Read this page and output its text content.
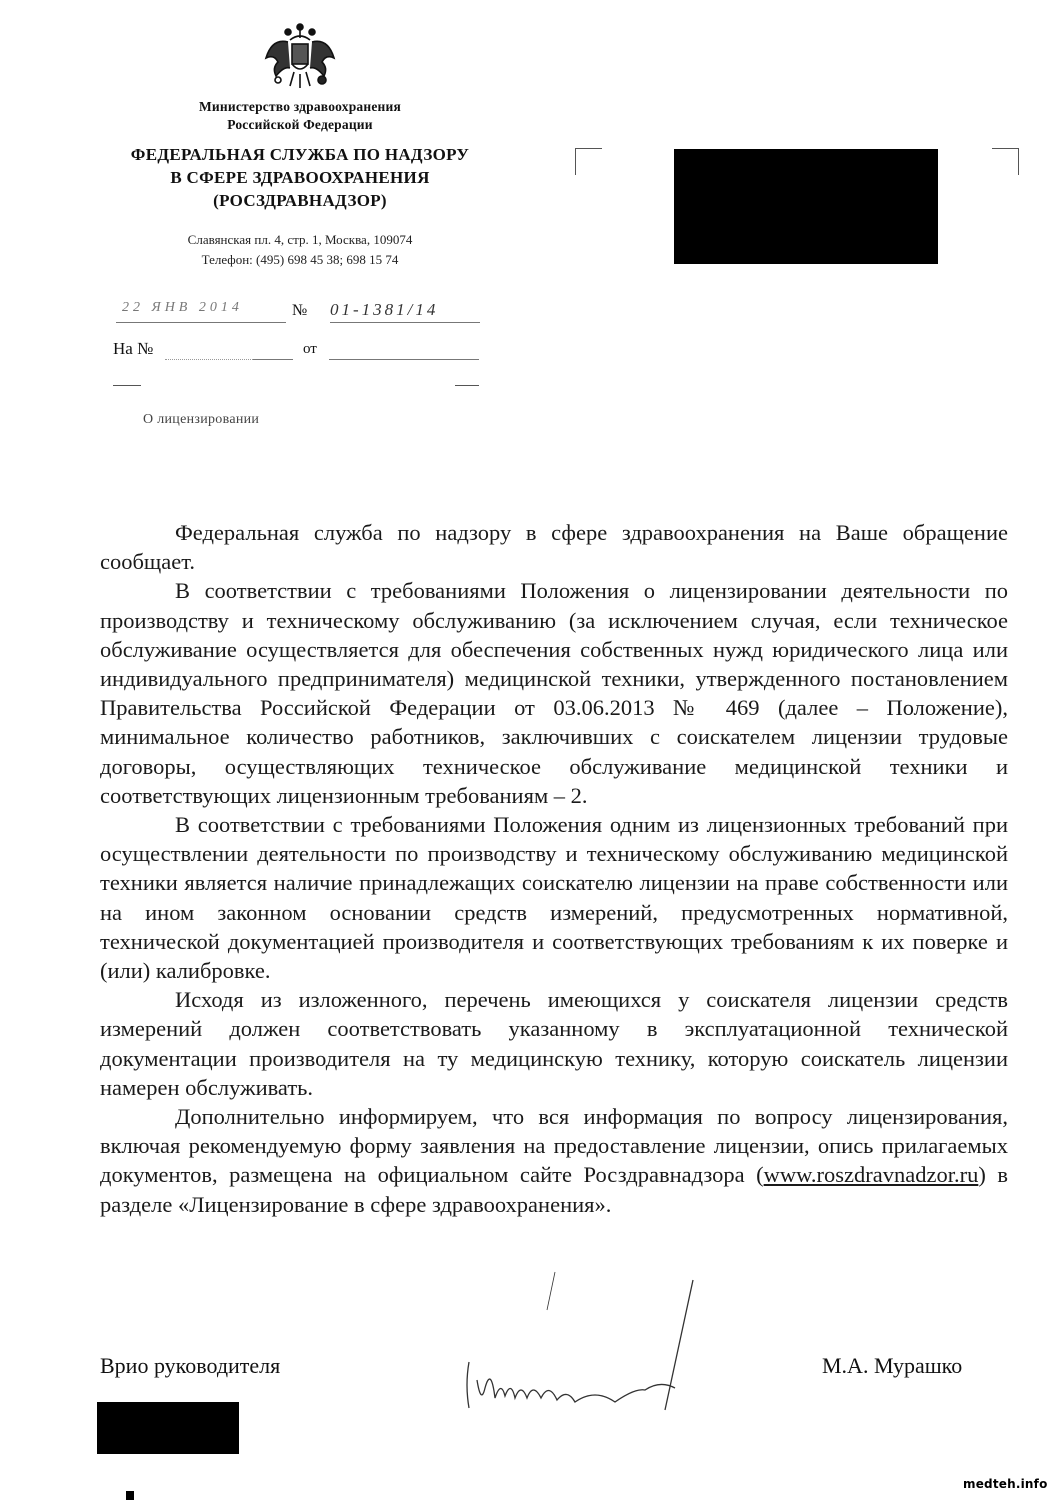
Министерство здравоохранения
Российской Федерации
ФЕДЕРАЛЬНАЯ СЛУЖБА ПО НАДЗОРУ
В СФЕРЕ ЗДРАВООХРАНЕНИЯ
(РОСЗДРАВНАДЗОР)
Славянская пл. 4, стр. 1, Москва, 109074
Телефон: (495) 698 45 38; 698 15 74
22 ЯНВ 2014	№ 01-1381/14
На №	от
О лицензировании

Федеральная служба по надзору в сфере здравоохранения на Ваше обращение сообщает.

В соответствии с требованиями Положения о лицензировании деятельности по производству и техническому обслуживанию (за исключением случая, если техническое обслуживание осуществляется для обеспечения собственных нужд юридического лица или индивидуального предпринимателя) медицинской техники, утвержденного постановлением Правительства Российской Федерации от 03.06.2013 № 469 (далее – Положение), минимальное количество работников, заключивших с соискателем лицензии трудовые договоры, осуществляющих техническое обслуживание медицинской техники и соответствующих лицензионным требованиям – 2.

В соответствии с требованиями Положения одним из лицензионных требований при осуществлении деятельности по производству и техническому обслуживанию медицинской техники является наличие принадлежащих соискателю лицензии на праве собственности или на ином законном основании средств измерений, предусмотренных нормативной, технической документацией производителя и соответствующих требованиям к их поверке и (или) калибровке.

Исходя из изложенного, перечень имеющихся у соискателя лицензии средств измерений должен соответствовать указанному в эксплуатационной технической документации производителя на ту медицинскую технику, которую соискатель лицензии намерен обслуживать.

Дополнительно информируем, что вся информация по вопросу лицензирования, включая рекомендуемую форму заявления на предоставление лицензии, опись прилагаемых документов, размещена на официальном сайте Росздравнадзора (www.roszdravnadzor.ru) в разделе «Лицензирование в сфере здравоохранения».

Врио руководителя	М.А. Мурашко
medteh.info
